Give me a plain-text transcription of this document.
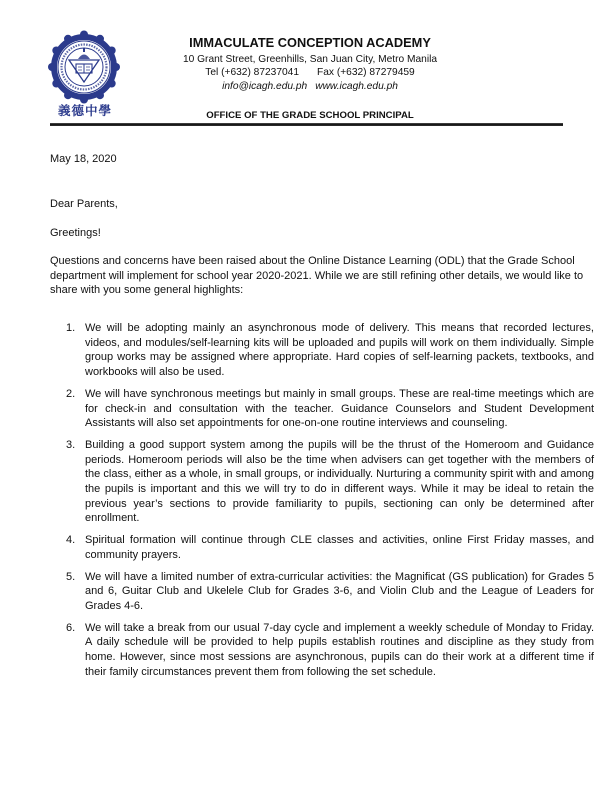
義德中學
IMMACULATE CONCEPTION ACADEMY
10 Grant Street, Greenhills, San Juan City, Metro Manila
Tel (+632) 87237041 Fax (+632) 87279459
info@icagh.edu.ph www.icagh.edu.ph
OFFICE OF THE GRADE SCHOOL PRINCIPAL
May 18, 2020
Dear Parents,
Greetings!
Questions and concerns have been raised about the Online Distance Learning (ODL) that the Grade School department will implement for school year 2020-2021. While we are still refining other details, we would like to share with you some general highlights:
1. We will be adopting mainly an asynchronous mode of delivery. This means that recorded lectures, videos, and modules/self-learning kits will be uploaded and pupils will work on them individually. Simple group works may be assigned where appropriate. Hard copies of self-learning packets, textbooks, and workbooks will also be used.
2. We will have synchronous meetings but mainly in small groups. These are real-time meetings which are for check-in and consultation with the teacher. Guidance Counselors and Student Development Assistants will also set appointments for one-on-one routine interviews and counseling.
3. Building a good support system among the pupils will be the thrust of the Homeroom and Guidance periods. Homeroom periods will also be the time when advisers can get together with the members of the class, either as a whole, in small groups, or individually. Nurturing a community spirit with and among the pupils is important and this we will try to do in different ways. While it may be ideal to retain the previous year’s sections to provide familiarity to pupils, sectioning can only be determined after enrollment.
4. Spiritual formation will continue through CLE classes and activities, online First Friday masses, and community prayers.
5. We will have a limited number of extra-curricular activities: the Magnificat (GS publication) for Grades 5 and 6, Guitar Club and Ukelele Club for Grades 3-6, and Violin Club and the League of Leaders for Grades 4-6.
6. We will take a break from our usual 7-day cycle and implement a weekly schedule of Monday to Friday. A daily schedule will be provided to help pupils establish routines and discipline as they study from home. However, since most sessions are asynchronous, pupils can do their work at a different time if their family circumstances prevent them from following the set schedule.
